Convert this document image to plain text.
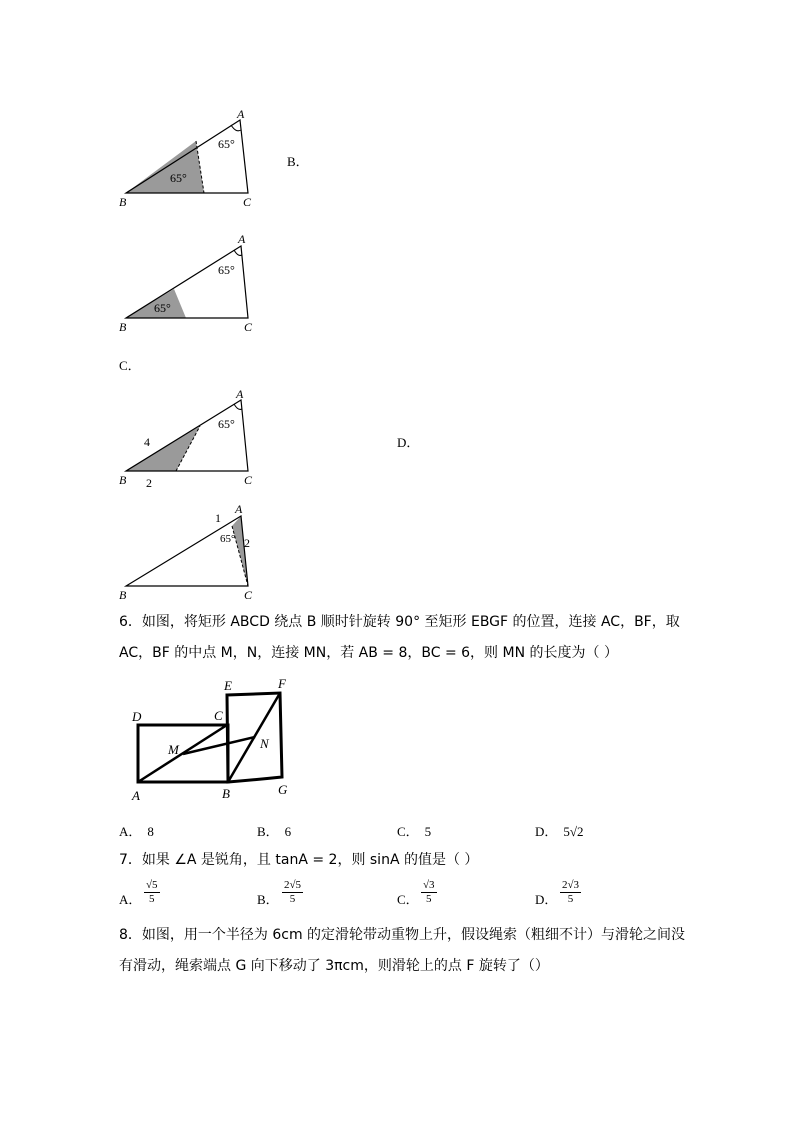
A
B	C
65°
65°
B．
A
B	C
65°
65°
C．
A
B	C
65°
4
2
D．
A
B	C
65°
1
2
6．如图，将矩形 ABCD 绕点 B 顺时针旋转 90° 至矩形 EBGF 的位置，连接 AC，BF，取
AC，BF 的中点 M，N，连接 MN，若 AB = 8，BC = 6，则 MN 的长度为（ ）
D	C
E	F
M	N
A	B	G
A． 8	B． 6	C． 5	D． 5√2
7．如果 ∠A 是锐角，且 tanA = 2，则 sinA 的值是（ ）
A． $\frac{√5}{5}$	B． $\frac{2√5}{5}$	C． $\frac{√3}{5}$	D． $\frac{2√3}{5}$
8．如图，用一个半径为 6cm 的定滑轮带动重物上升，假设绳索（粗细不计）与滑轮之间没
有滑动，绳索端点 G 向下移动了 3πcm，则滑轮上的点 F 旋转了（）
